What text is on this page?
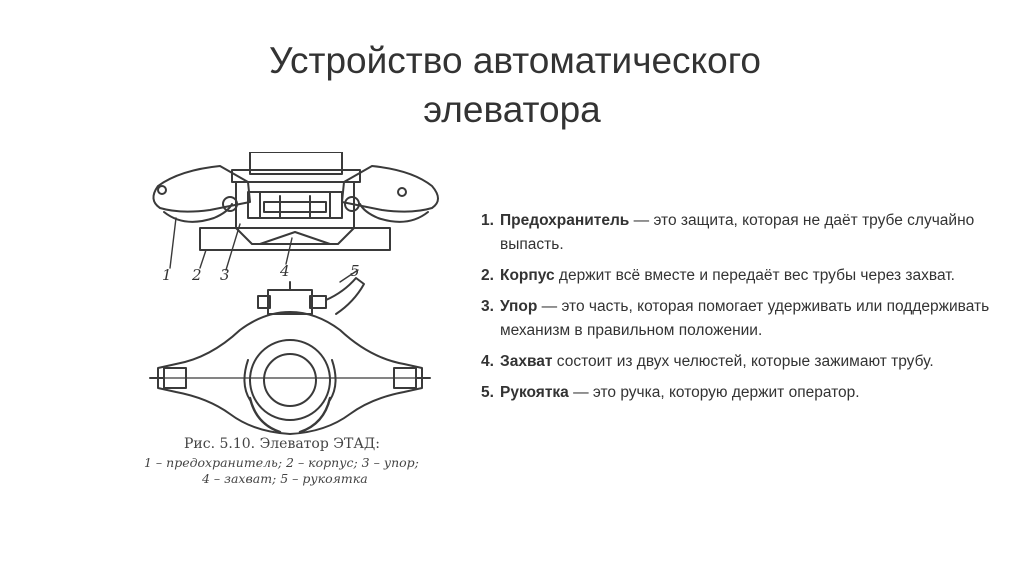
Устройство автоматического
элеватора
1 2 3	4	5
Рис. 5.10. Элеватор ЭТАД:
1 – предохранитель; 2 – корпус; 3 – упор;
4 – захват; 5 – рукоятка
1. Предохранитель — это защита, которая не даёт трубе случайно выпасть.
2. Корпус держит всё вместе и передаёт вес трубы через захват.
3. Упор — это часть, которая помогает удерживать или поддерживать механизм в правильном положении.
4. Захват состоит из двух челюстей, которые зажимают трубу.
5. Рукоятка — это ручка, которую держит оператор.
